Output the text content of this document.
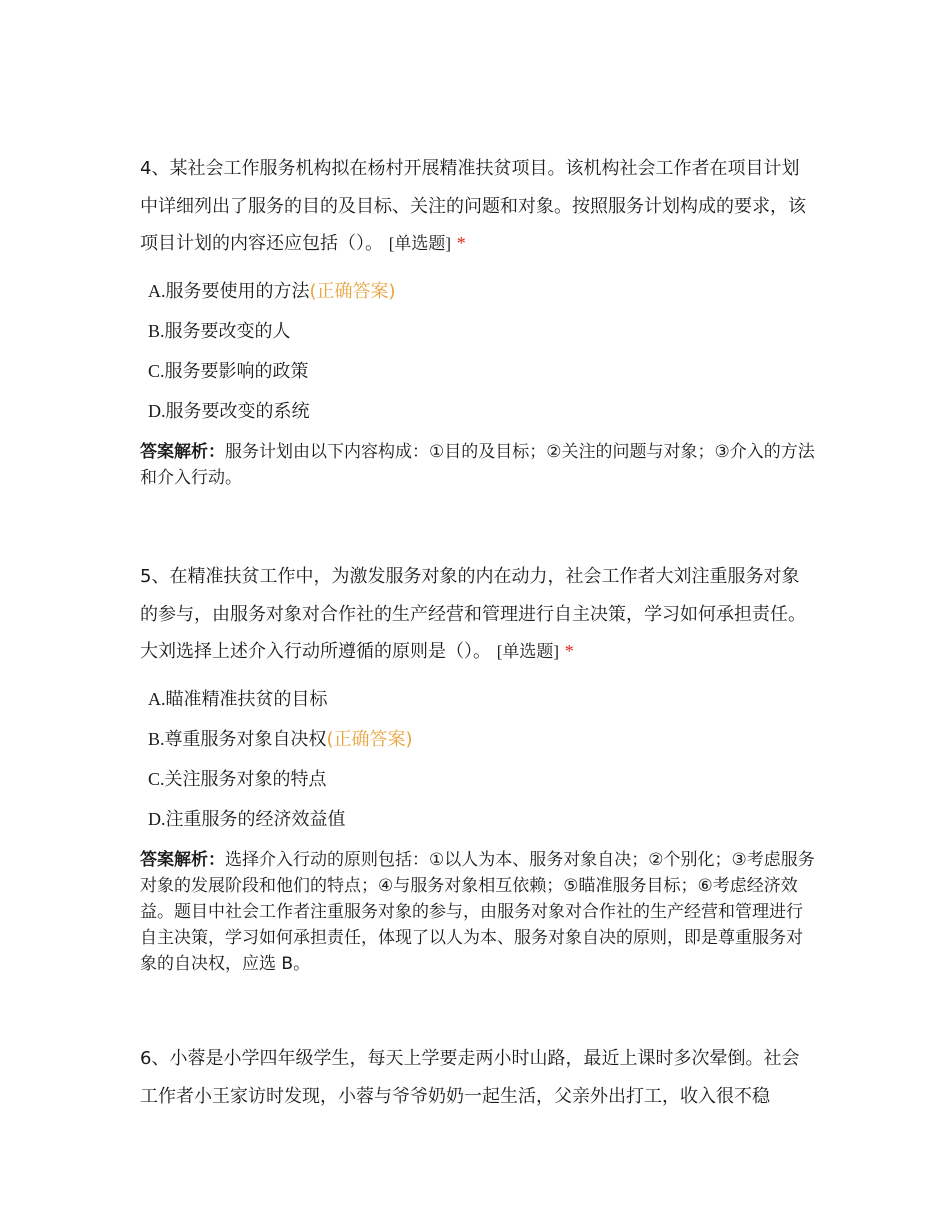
4、某社会工作服务机构拟在杨村开展精准扶贫项目。该机构社会工作者在项目计划中详细列出了服务的目的及目标、关注的问题和对象。按照服务计划构成的要求，该项目计划的内容还应包括（）。 [单选题] *

A.服务要使用的方法(正确答案)
B.服务要改变的人
C.服务要影响的政策
D.服务要改变的系统

答案解析：服务计划由以下内容构成：①目的及目标；②关注的问题与对象；③介入的方法和介入行动。

5、在精准扶贫工作中，为激发服务对象的内在动力，社会工作者大刘注重服务对象的参与，由服务对象对合作社的生产经营和管理进行自主决策，学习如何承担责任。大刘选择上述介入行动所遵循的原则是（）。 [单选题] *

A.瞄准精准扶贫的目标
B.尊重服务对象自决权(正确答案)
C.关注服务对象的特点
D.注重服务的经济效益值

答案解析：选择介入行动的原则包括：①以人为本、服务对象自决；②个别化；③考虑服务对象的发展阶段和他们的特点；④与服务对象相互依赖；⑤瞄准服务目标；⑥考虑经济效益。题目中社会工作者注重服务对象的参与，由服务对象对合作社的生产经营和管理进行自主决策，学习如何承担责任，体现了以人为本、服务对象自决的原则，即是尊重服务对象的自决权，应选 B。

6、小蓉是小学四年级学生，每天上学要走两小时山路，最近上课时多次晕倒。社会工作者小王家访时发现，小蓉与爷爷奶奶一起生活，父亲外出打工，收入很不稳
